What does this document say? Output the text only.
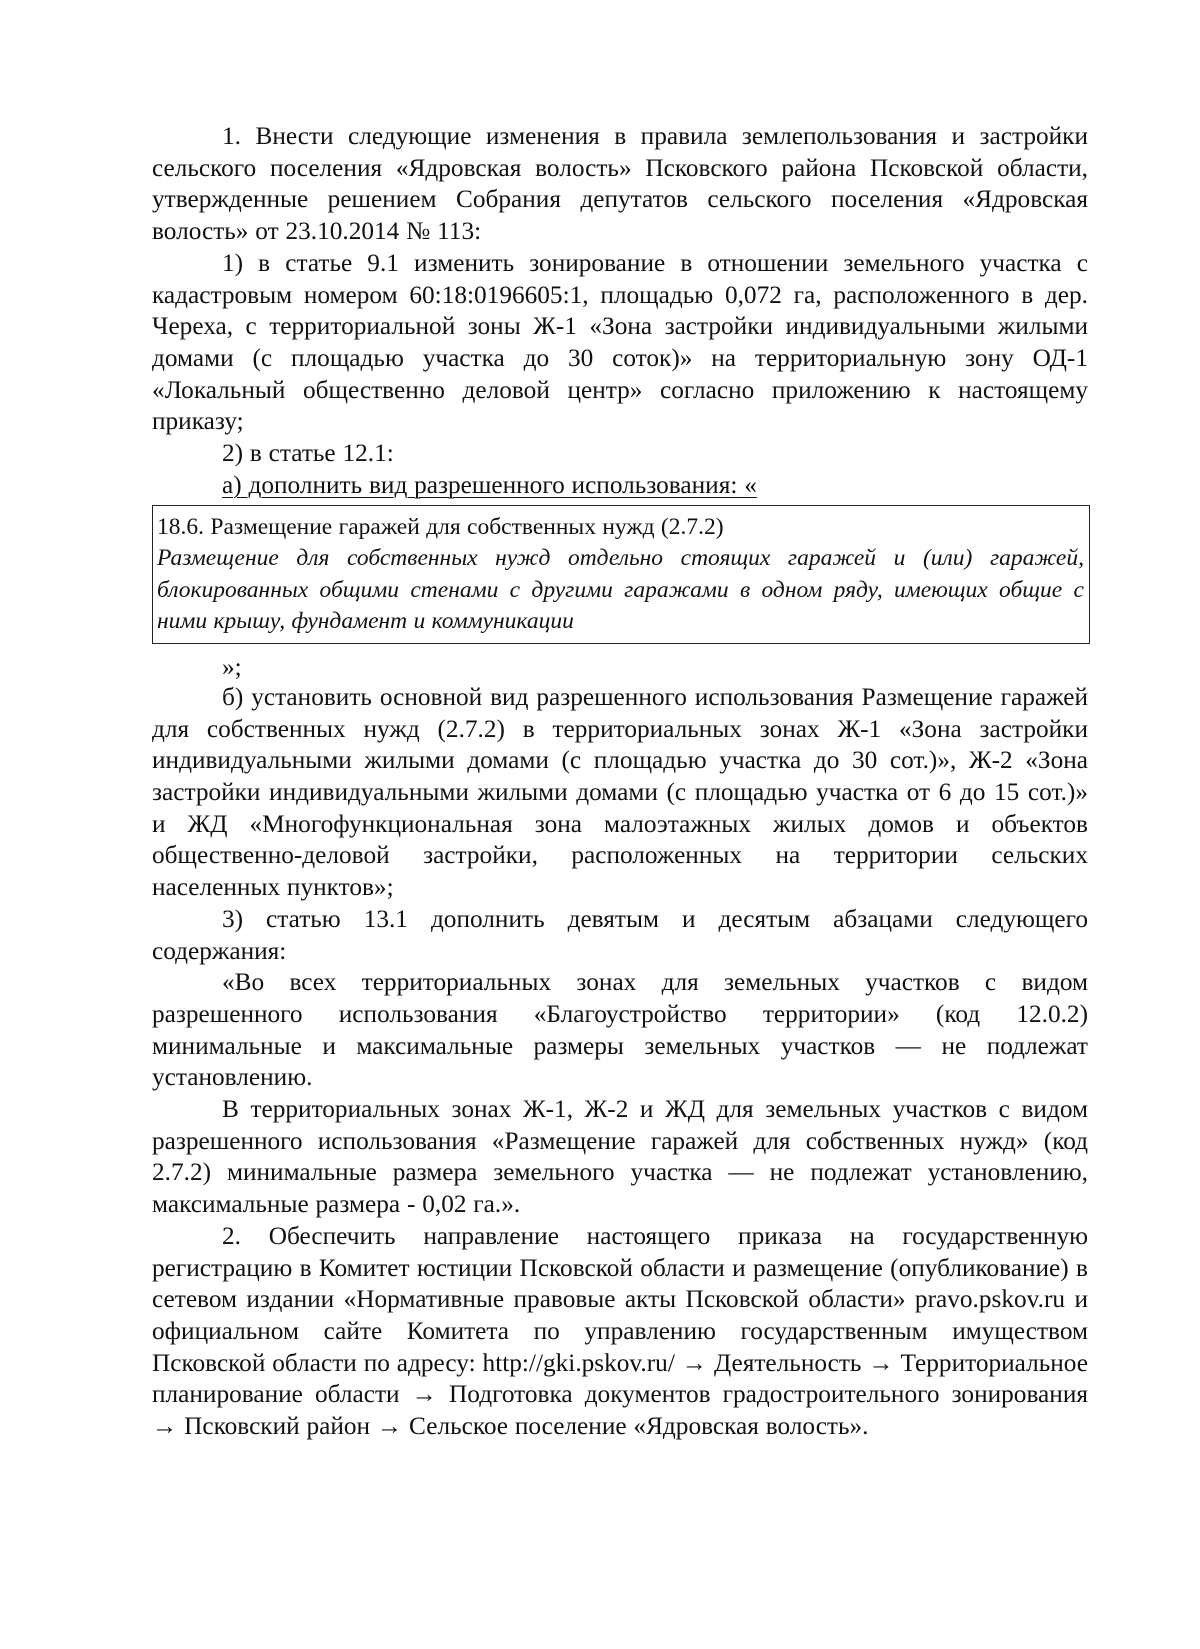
1. Внести следующие изменения в правила землепользования и застройки сельского поселения «Ядровская волость» Псковского района Псковской области, утвержденные решением Собрания депутатов сельского поселения «Ядровская волость» от 23.10.2014 № 113:

1) в статье 9.1 изменить зонирование в отношении земельного участка с кадастровым номером 60:18:0196605:1, площадью 0,072 га, расположенного в дер. Череха, с территориальной зоны Ж-1 «Зона застройки индивидуальными жилыми домами (с площадью участка до 30 соток)» на территориальную зону ОД-1 «Локальный общественно деловой центр» согласно приложению к настоящему приказу;

2) в статье 12.1:

а) дополнить вид разрешенного использования: «

18.6. Размещение гаражей для собственных нужд (2.7.2)

Размещение для собственных нужд отдельно стоящих гаражей и (или) гаражей, блокированных общими стенами с другими гаражами в одном ряду, имеющих общие с ними крышу, фундамент и коммуникации

»;

б) установить основной вид разрешенного использования Размещение гаражей для собственных нужд (2.7.2) в территориальных зонах Ж-1 «Зона застройки индивидуальными жилыми домами (с площадью участка до 30 сот.)», Ж-2 «Зона застройки индивидуальными жилыми домами (с площадью участка от 6 до 15 сот.)» и ЖД «Многофункциональная зона малоэтажных жилых домов и объектов общественно-деловой застройки, расположенных на территории сельских населенных пунктов»;

3) статью 13.1 дополнить девятым и десятым абзацами следующего содержания:

«Во всех территориальных зонах для земельных участков с видом разрешенного использования «Благоустройство территории» (код 12.0.2) минимальные и максимальные размеры земельных участков — не подлежат установлению.

В территориальных зонах Ж-1, Ж-2 и ЖД для земельных участков с видом разрешенного использования «Размещение гаражей для собственных нужд» (код 2.7.2) минимальные размера земельного участка — не подлежат установлению, максимальные размера - 0,02 га.».

2. Обеспечить направление настоящего приказа на государственную регистрацию в Комитет юстиции Псковской области и размещение (опубликование) в сетевом издании «Нормативные правовые акты Псковской области» pravo.pskov.ru и официальном сайте Комитета по управлению государственным имуществом Псковской области по адресу: http://gki.pskov.ru/ → Деятельность → Территориальное планирование области → Подготовка документов градостроительного зонирования → Псковский район → Сельское поселение «Ядровская волость».
